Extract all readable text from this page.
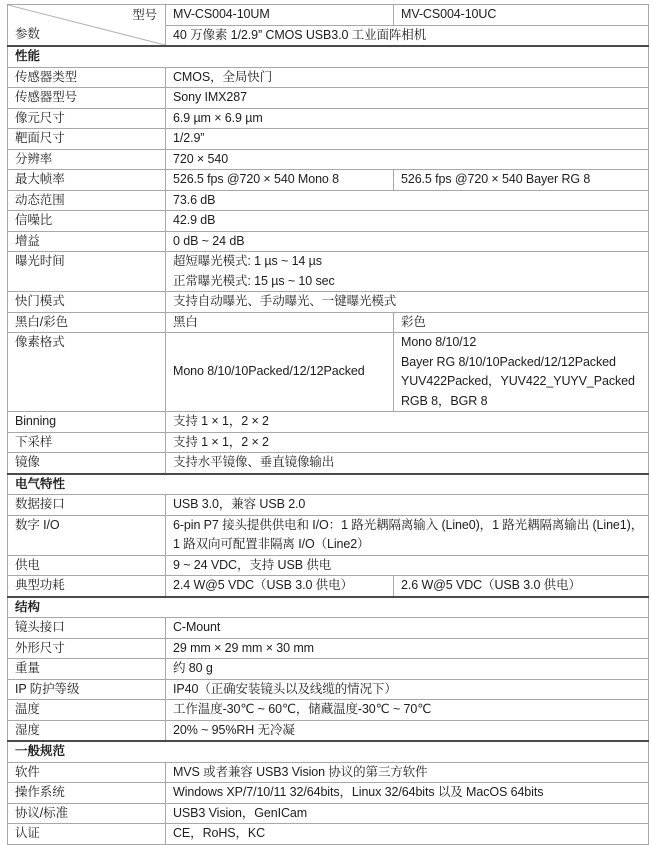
型号
参数	MV-CS004-10UM	MV-CS004-10UC

	40 万像素 1/2.9” CMOS USB3.0 工业面阵相机	

性能		

传感器类型	CMOS，全局快门	

传感器型号	Sony IMX287	

像元尺寸	6.9 µm × 6.9 µm	

靶面尺寸	1/2.9”	

分辨率	720 × 540	

最大帧率	526.5 fps @720 × 540 Mono 8	526.5 fps @720 × 540 Bayer RG 8

动态范围	73.6 dB	

信噪比	42.9 dB	

增益	0 dB ~ 24 dB	

曝光时间	超短曝光模式: 1 µs ~ 14 µs
正常曝光模式: 15 µs ~ 10 sec	

快门模式	支持自动曝光、手动曝光、一键曝光模式	

黑白/彩色	黑白	彩色

像素格式	Mono 8/10/10Packed/12/12Packed	Mono 8/10/12
Bayer RG 8/10/10Packed/12/12Packed
YUV422Packed，YUV422_YUYV_Packed
RGB 8，BGR 8

Binning	支持 1 × 1，2 × 2	

下采样	支持 1 × 1，2 × 2	

镜像	支持水平镜像、垂直镜像输出	

电气特性		

数据接口	USB 3.0，兼容 USB 2.0	

数字 I/O	6-pin P7 接头提供供电和 I/O：1 路光耦隔离输入 (Line0)，1 路光耦隔离输出 (Line1)，
1 路双向可配置非隔离 I/O（Line2）	

供电	9 ~ 24 VDC，支持 USB 供电	

典型功耗	2.4 W@5 VDC（USB 3.0 供电）	2.6 W@5 VDC（USB 3.0 供电）

结构		

镜头接口	C-Mount	

外形尺寸	29 mm × 29 mm × 30 mm	

重量	约 80 g	

IP 防护等级	IP40（正确安装镜头以及线缆的情况下）	

温度	工作温度-30℃ ~ 60℃，储藏温度-30℃ ~ 70℃	

湿度	20% ~ 95%RH 无冷凝	

一般规范		

软件	MVS 或者兼容 USB3 Vision 协议的第三方软件	

操作系统	Windows XP/7/10/11 32/64bits，Linux 32/64bits 以及 MacOS 64bits	

协议/标准	USB3 Vision，GenICam	

认证	CE，RoHS，KC	
